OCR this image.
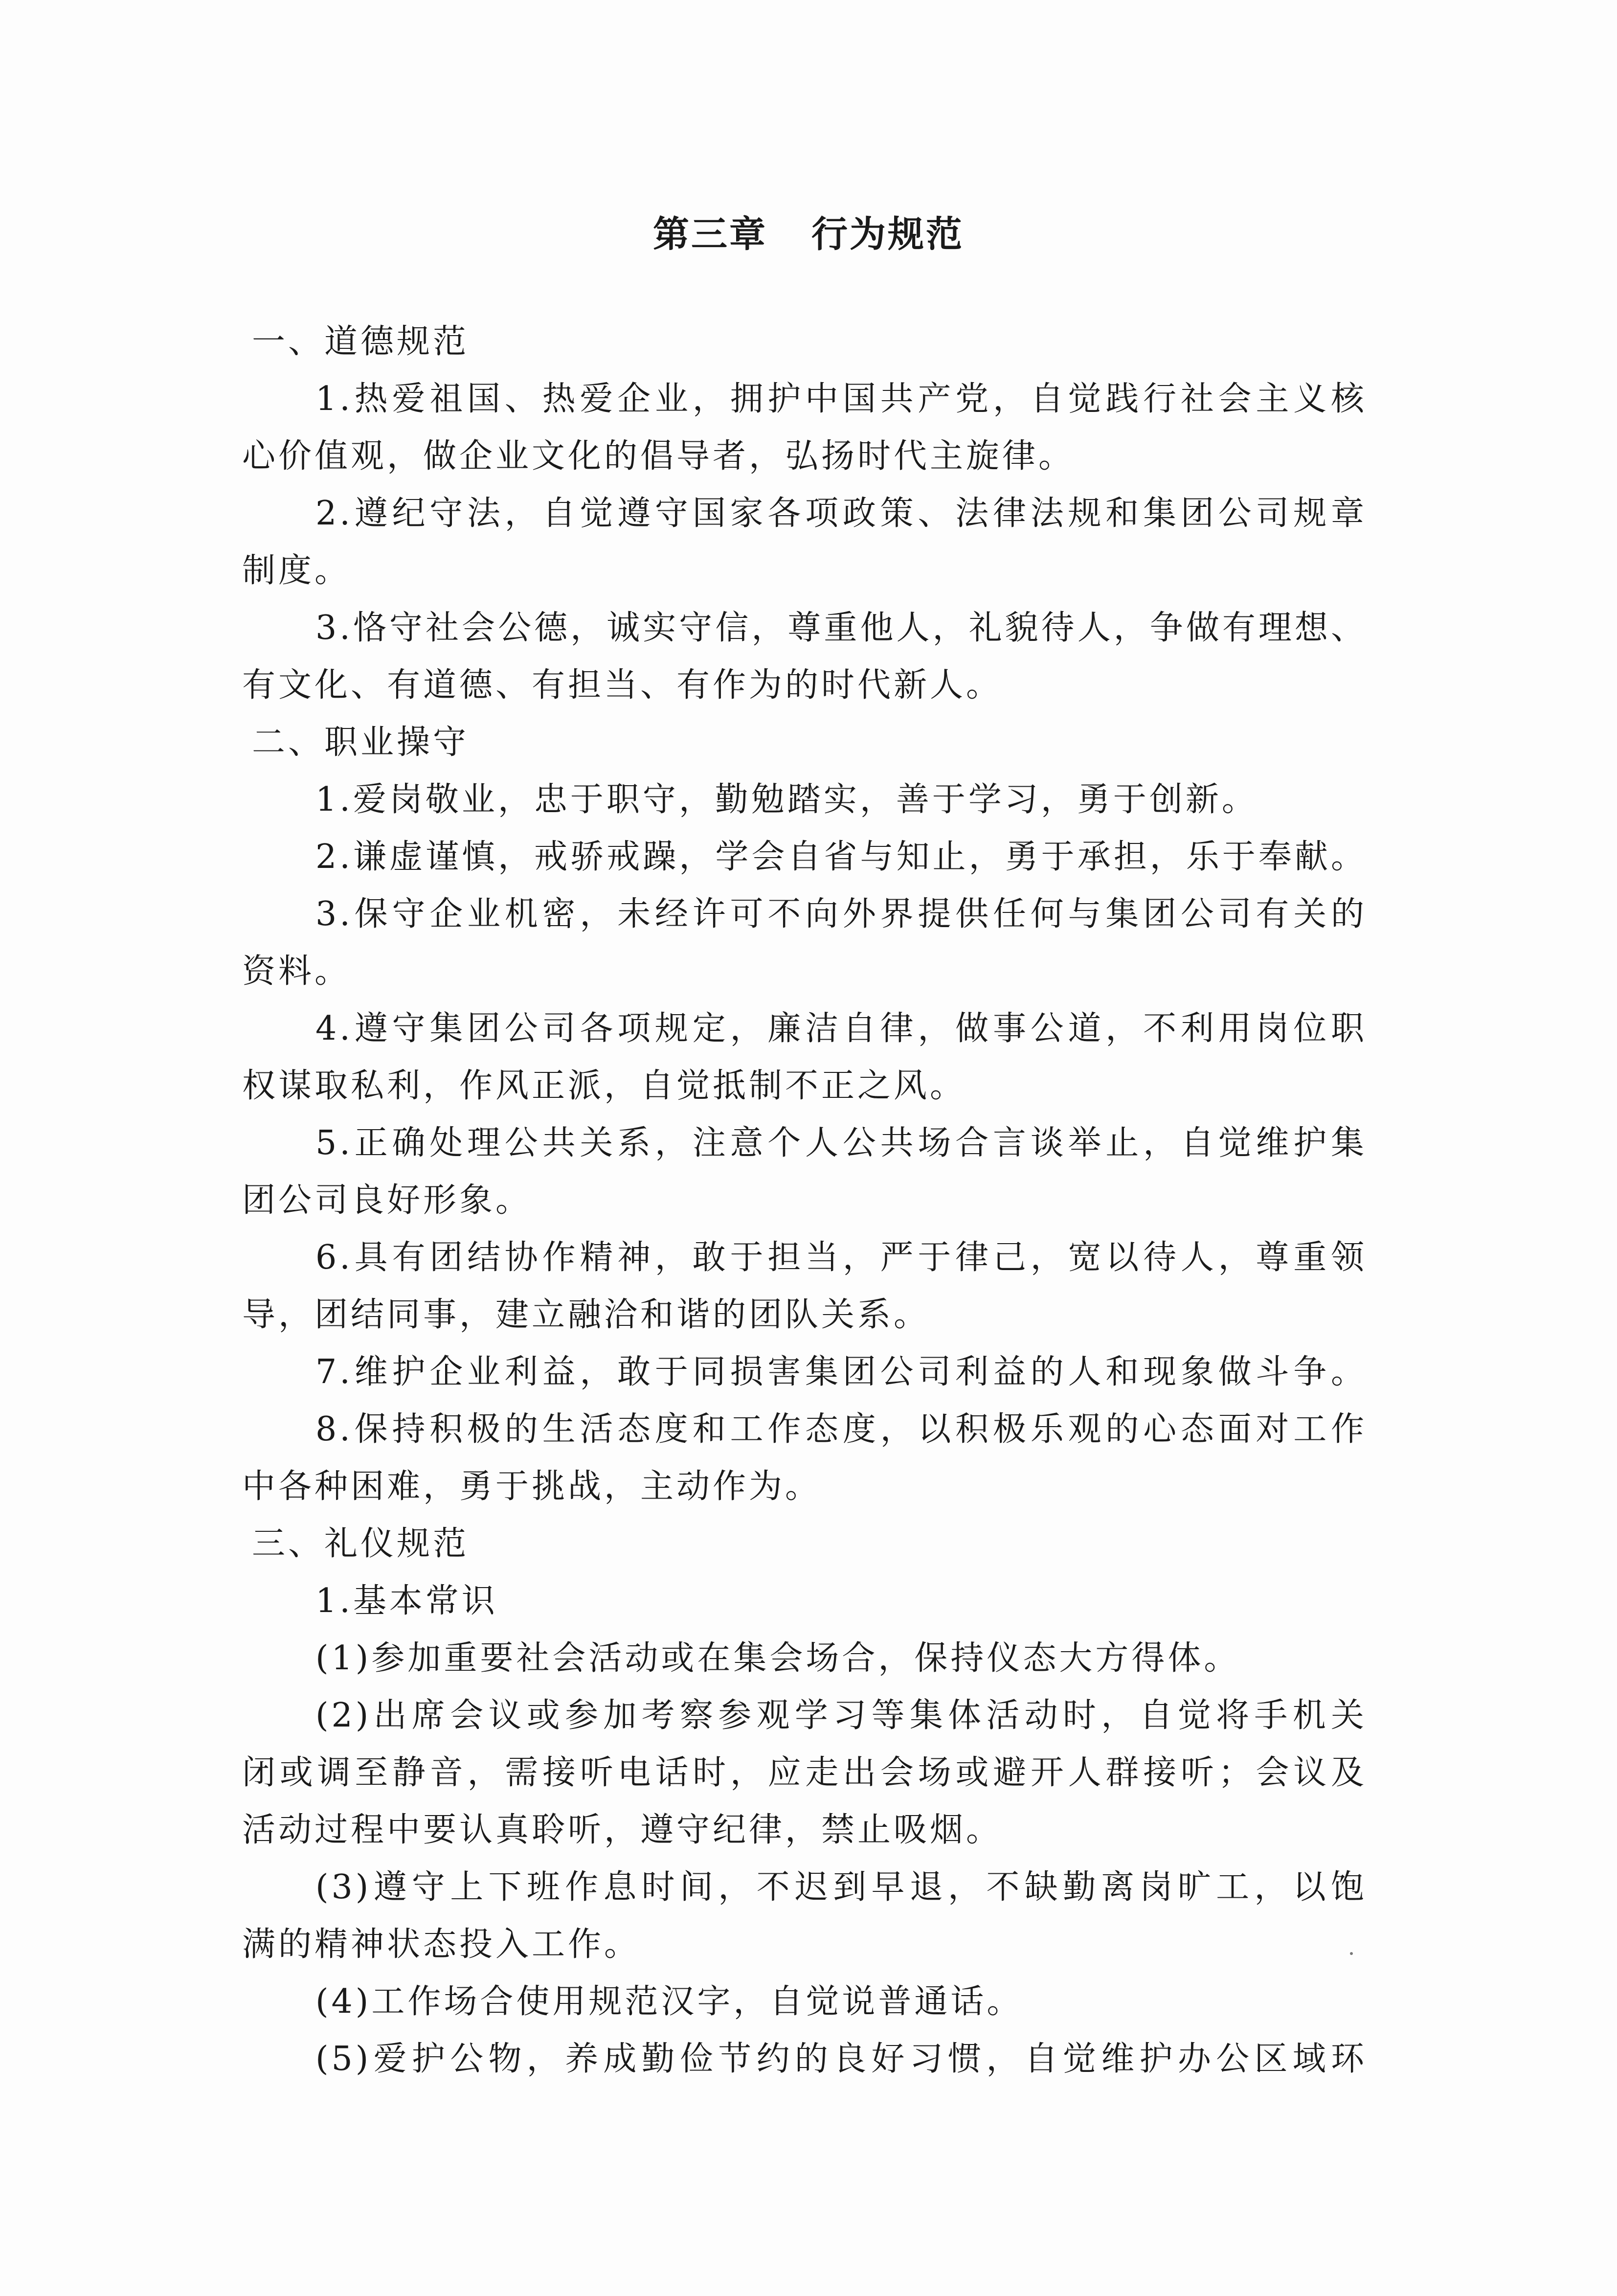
第三章 行为规范
一、道德规范
1.热爱祖国、热爱企业，拥护中国共产党，自觉践行社会主义核
心价值观，做企业文化的倡导者，弘扬时代主旋律。
2.遵纪守法，自觉遵守国家各项政策、法律法规和集团公司规章
制度。
3.恪守社会公德，诚实守信，尊重他人，礼貌待人，争做有理想、
有文化、有道德、有担当、有作为的时代新人。
二、职业操守
1.爱岗敬业，忠于职守，勤勉踏实，善于学习，勇于创新。
2.谦虚谨慎，戒骄戒躁，学会自省与知止，勇于承担，乐于奉献。
3.保守企业机密，未经许可不向外界提供任何与集团公司有关的
资料。
4.遵守集团公司各项规定，廉洁自律，做事公道，不利用岗位职
权谋取私利，作风正派，自觉抵制不正之风。
5.正确处理公共关系，注意个人公共场合言谈举止，自觉维护集
团公司良好形象。
6.具有团结协作精神，敢于担当，严于律己，宽以待人，尊重领
导，团结同事，建立融洽和谐的团队关系。
7.维护企业利益，敢于同损害集团公司利益的人和现象做斗争。
8.保持积极的生活态度和工作态度，以积极乐观的心态面对工作
中各种困难，勇于挑战，主动作为。
三、礼仪规范
1.基本常识
(1)参加重要社会活动或在集会场合，保持仪态大方得体。
(2)出席会议或参加考察参观学习等集体活动时，自觉将手机关
闭或调至静音，需接听电话时，应走出会场或避开人群接听；会议及
活动过程中要认真聆听，遵守纪律，禁止吸烟。
(3)遵守上下班作息时间，不迟到早退，不缺勤离岗旷工，以饱
满的精神状态投入工作。
(4)工作场合使用规范汉字，自觉说普通话。
(5)爱护公物，养成勤俭节约的良好习惯，自觉维护办公区域环
